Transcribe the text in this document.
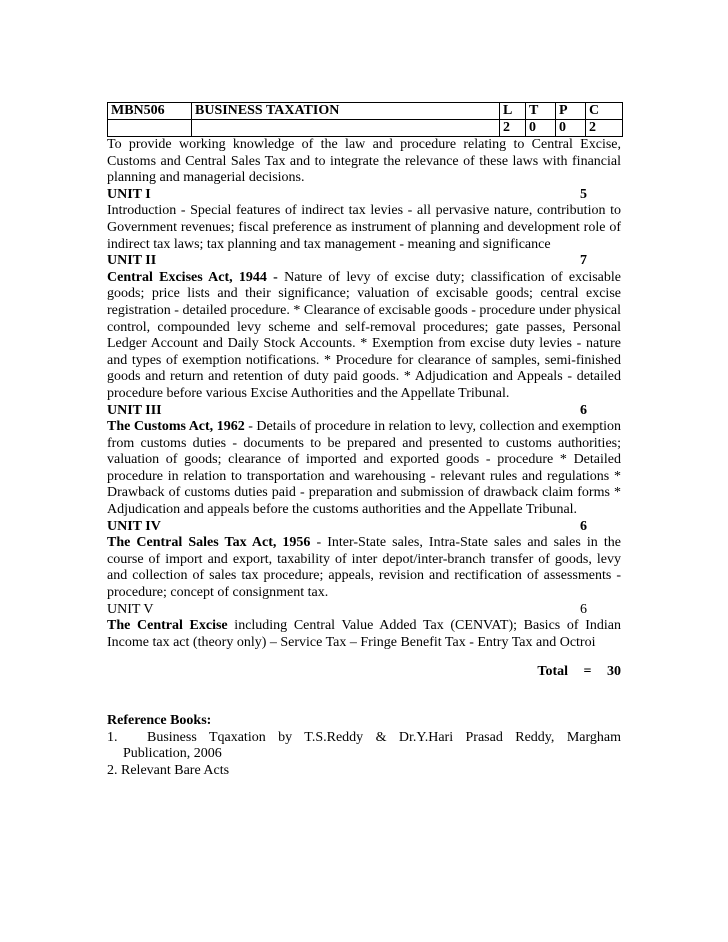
MBN506	BUSINESS TAXATION	L	T	P	C
		2	0	0	2

To provide working knowledge of the law and procedure relating to Central Excise, Customs and Central Sales Tax and to integrate the relevance of these laws with financial planning and managerial decisions.

UNIT I	5

Introduction - Special features of indirect tax levies - all pervasive nature, contribution to Government revenues; fiscal preference as instrument of planning and development role of indirect tax laws; tax planning and tax management - meaning and significance

UNIT II	7

Central Excises Act, 1944 - Nature of levy of excise duty; classification of excisable goods; price lists and their significance; valuation of excisable goods; central excise registration - detailed procedure. * Clearance of excisable goods - procedure under physical control, compounded levy scheme and self-removal procedures; gate passes, Personal Ledger Account and Daily Stock Accounts. * Exemption from excise duty levies - nature and types of exemption notifications. * Procedure for clearance of samples, semi-finished goods and return and retention of duty paid goods. * Adjudication and Appeals - detailed procedure before various Excise Authorities and the Appellate Tribunal.

UNIT III	6

The Customs Act, 1962 - Details of procedure in relation to levy, collection and exemption from customs duties - documents to be prepared and presented to customs authorities; valuation of goods; clearance of imported and exported goods - procedure * Detailed procedure in relation to transportation and warehousing - relevant rules and regulations * Drawback of customs duties paid - preparation and submission of drawback claim forms * Adjudication and appeals before the customs authorities and the Appellate Tribunal.

UNIT IV	6

The Central Sales Tax Act, 1956 - Inter-State sales, Intra-State sales and sales in the course of import and export, taxability of inter depot/inter-branch transfer of goods, levy and collection of sales tax procedure; appeals, revision and rectification of assessments - procedure; concept of consignment tax.

UNIT V	6

The Central Excise including Central Value Added Tax (CENVAT); Basics of Indian Income tax act (theory only) – Service Tax – Fringe Benefit Tax - Entry Tax and Octroi

Total = 30
Reference Books:
1.	Business Tqaxation by T.S.Reddy & Dr.Y.Hari Prasad Reddy, Margham
Publication, 2006
2. Relevant Bare Acts
